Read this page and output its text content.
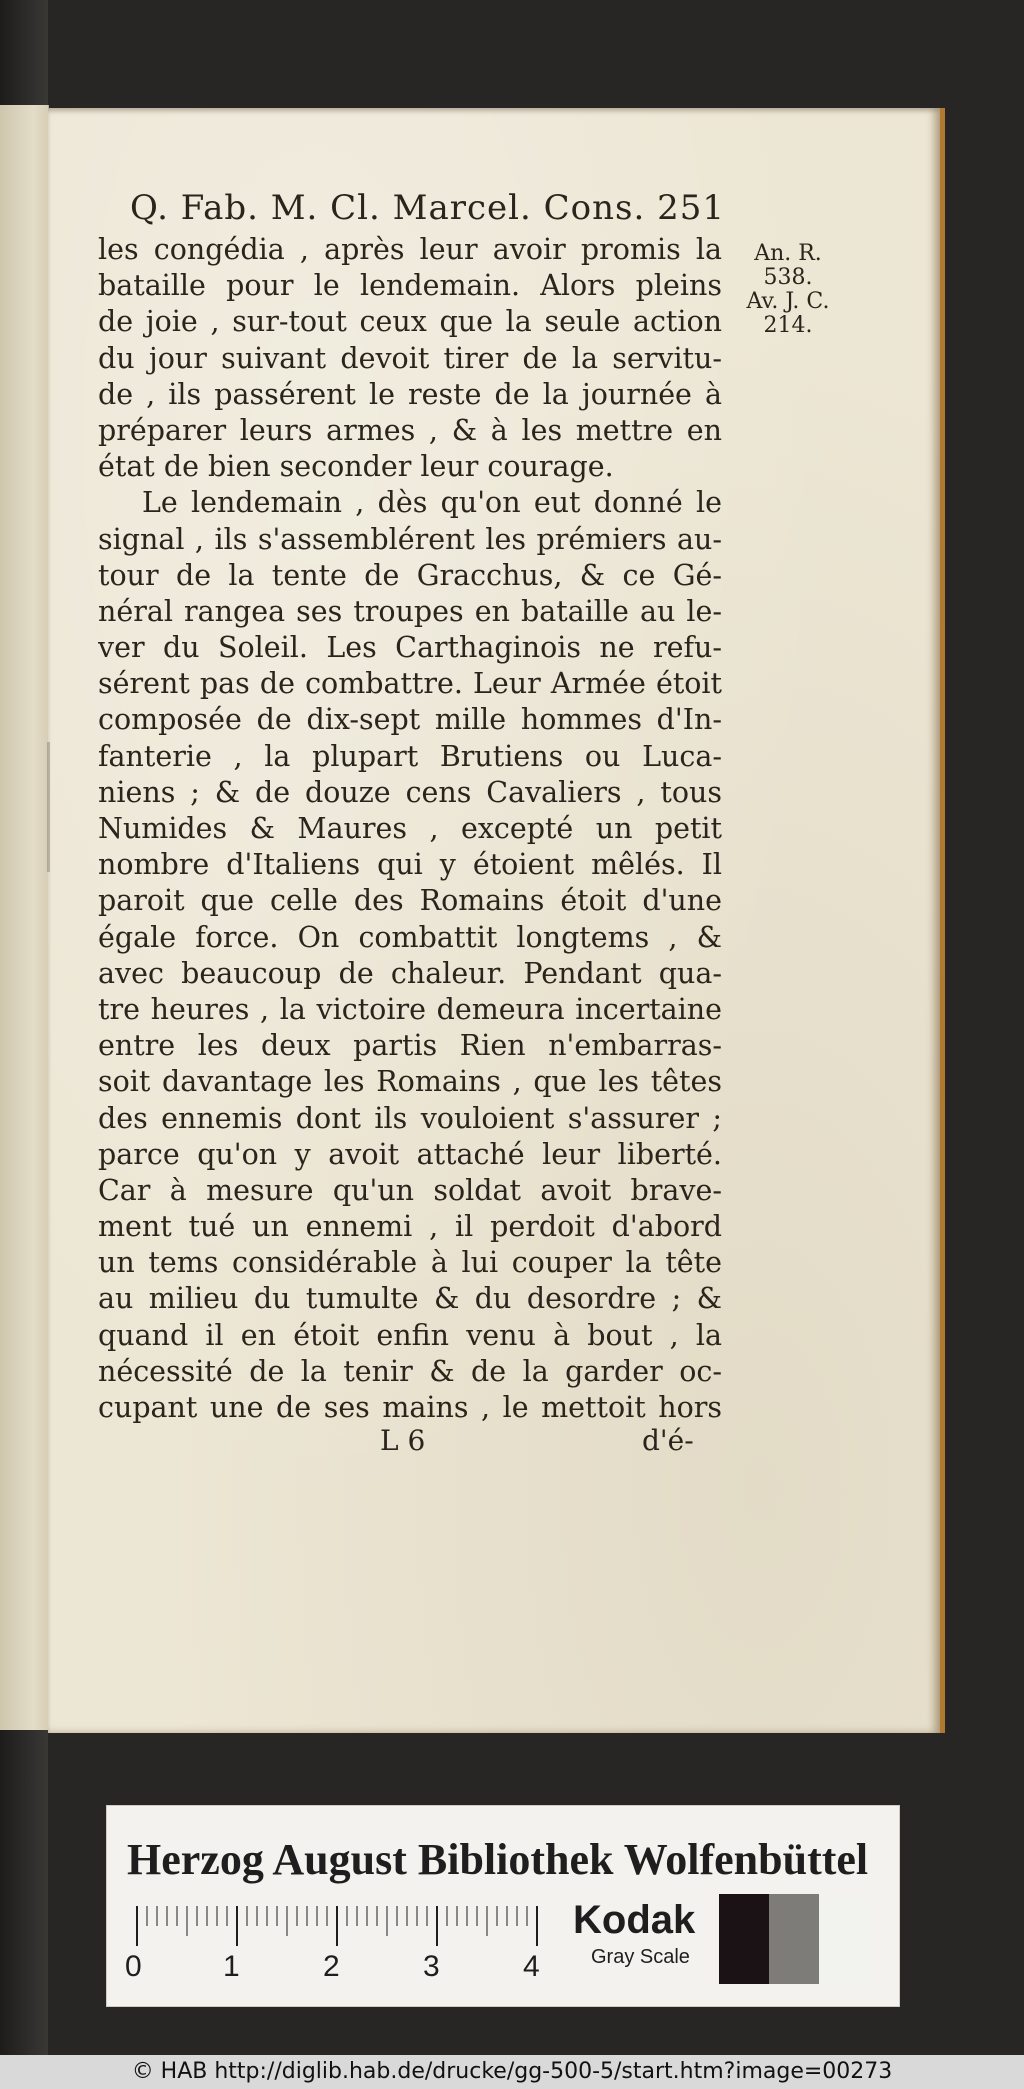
Q. Fab. M. Cl. Marcel. Cons. 251
An. R.
538.
Av. J. C.
214.
les congédia , après leur avoir promis la
bataille pour le lendemain. Alors pleins
de joie , sur-tout ceux que la seule action
du jour suivant devoit tirer de la servitu-
de , ils passérent le reste de la journée à
préparer leurs armes , & à les mettre en
état de bien seconder leur courage.
Le lendemain , dès qu'on eut donné le
signal , ils s'assemblérent les prémiers au-
tour de la tente de Gracchus, & ce Gé-
néral rangea ses troupes en bataille au le-
ver du Soleil. Les Carthaginois ne refu-
sérent pas de combattre. Leur Armée étoit
composée de dix-sept mille hommes d'In-
fanterie , la plupart Brutiens ou Luca-
niens ; & de douze cens Cavaliers , tous
Numides & Maures , excepté un petit
nombre d'Italiens qui y étoient mêlés. Il
paroit que celle des Romains étoit d'une
égale force. On combattit longtems , &
avec beaucoup de chaleur. Pendant qua-
tre heures , la victoire demeura incertaine
entre les deux partis Rien n'embarras-
soit davantage les Romains , que les têtes
des ennemis dont ils vouloient s'assurer ;
parce qu'on y avoit attaché leur liberté.
Car à mesure qu'un soldat avoit brave-
ment tué un ennemi , il perdoit d'abord
un tems considérable à lui couper la tête
au milieu du tumulte & du desordre ; &
quand il en étoit enfin venu à bout , la
nécessité de la tenir & de la garder oc-
cupant une de ses mains , le mettoit hors
L 6	d'é-
Herzog August Bibliothek Wolfenbüttel
0	1	2	3	4
Kodak
Gray Scale
© HAB http://diglib.hab.de/drucke/gg-500-5/start.htm?image=00273
